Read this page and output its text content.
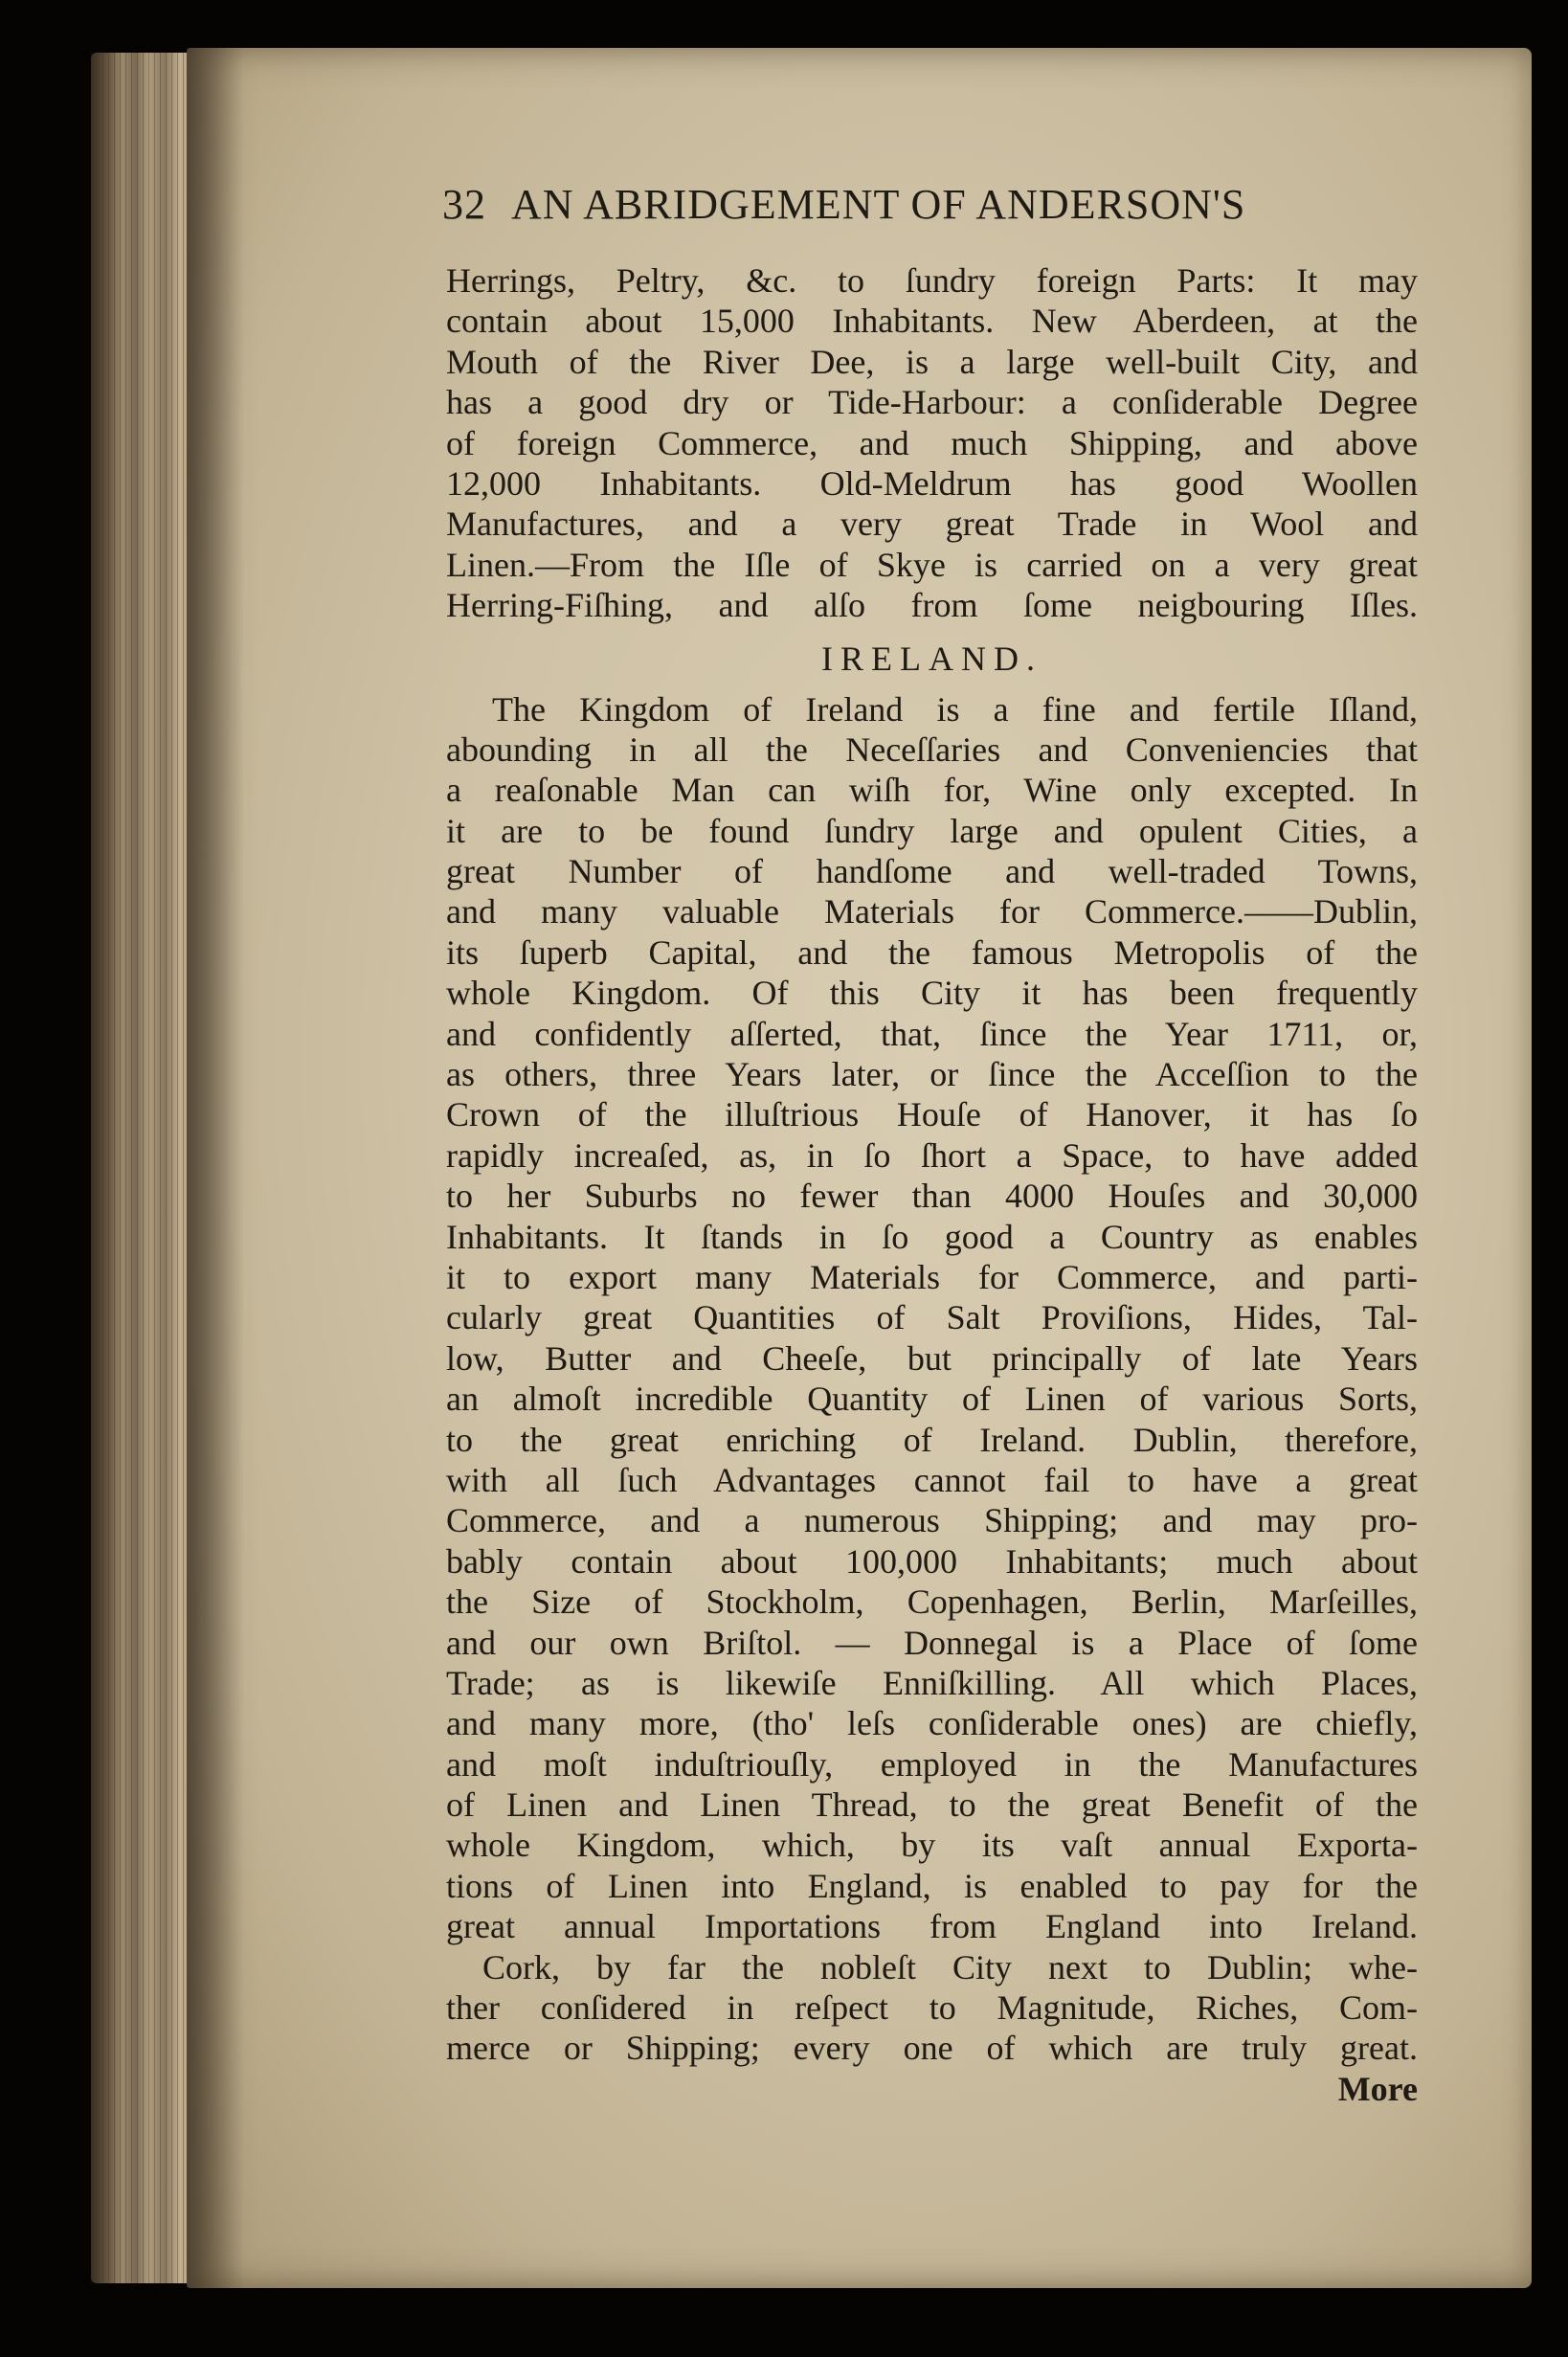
32 AN ABRIDGEMENT OF ANDERSON'S
Herrings, Peltry, &c. to ſundry foreign Parts: It may
contain about 15,000 Inhabitants. New Aberdeen, at the
Mouth of the River Dee, is a large well-built City, and
has a good dry or Tide-Harbour: a conſiderable Degree
of foreign Commerce, and much Shipping, and above
12,000 Inhabitants. Old-Meldrum has good Woollen
Manufactures, and a very great Trade in Wool and
Linen.—From the Iſle of Skye is carried on a very great
Herring-Fiſhing, and alſo from ſome neigbouring Iſles.
IRELAND.
The Kingdom of Ireland is a fine and fertile Iſland,
abounding in all the Neceſſaries and Conveniencies that
a reaſonable Man can wiſh for, Wine only excepted. In
it are to be found ſundry large and opulent Cities, a
great Number of handſome and well-traded Towns,
and many valuable Materials for Commerce.——Dublin,
its ſuperb Capital, and the famous Metropolis of the
whole Kingdom. Of this City it has been frequently
and confidently aſſerted, that, ſince the Year 1711, or,
as others, three Years later, or ſince the Acceſſion to the
Crown of the illuſtrious Houſe of Hanover, it has ſo
rapidly increaſed, as, in ſo ſhort a Space, to have added
to her Suburbs no fewer than 4000 Houſes and 30,000
Inhabitants. It ſtands in ſo good a Country as enables
it to export many Materials for Commerce, and parti-
cularly great Quantities of Salt Proviſions, Hides, Tal-
low, Butter and Cheeſe, but principally of late Years
an almoſt incredible Quantity of Linen of various Sorts,
to the great enriching of Ireland. Dublin, therefore,
with all ſuch Advantages cannot fail to have a great
Commerce, and a numerous Shipping; and may pro-
bably contain about 100,000 Inhabitants; much about
the Size of Stockholm, Copenhagen, Berlin, Marſeilles,
and our own Briſtol. — Donnegal is a Place of ſome
Trade; as is likewiſe Enniſkilling. All which Places,
and many more, (tho' leſs conſiderable ones) are chiefly,
and moſt induſtriouſly, employed in the Manufactures
of Linen and Linen Thread, to the great Benefit of the
whole Kingdom, which, by its vaſt annual Exporta-
tions of Linen into England, is enabled to pay for the
great annual Importations from England into Ireland.
Cork, by far the nobleſt City next to Dublin; whe-
ther conſidered in reſpect to Magnitude, Riches, Com-
merce or Shipping; every one of which are truly great.
More
